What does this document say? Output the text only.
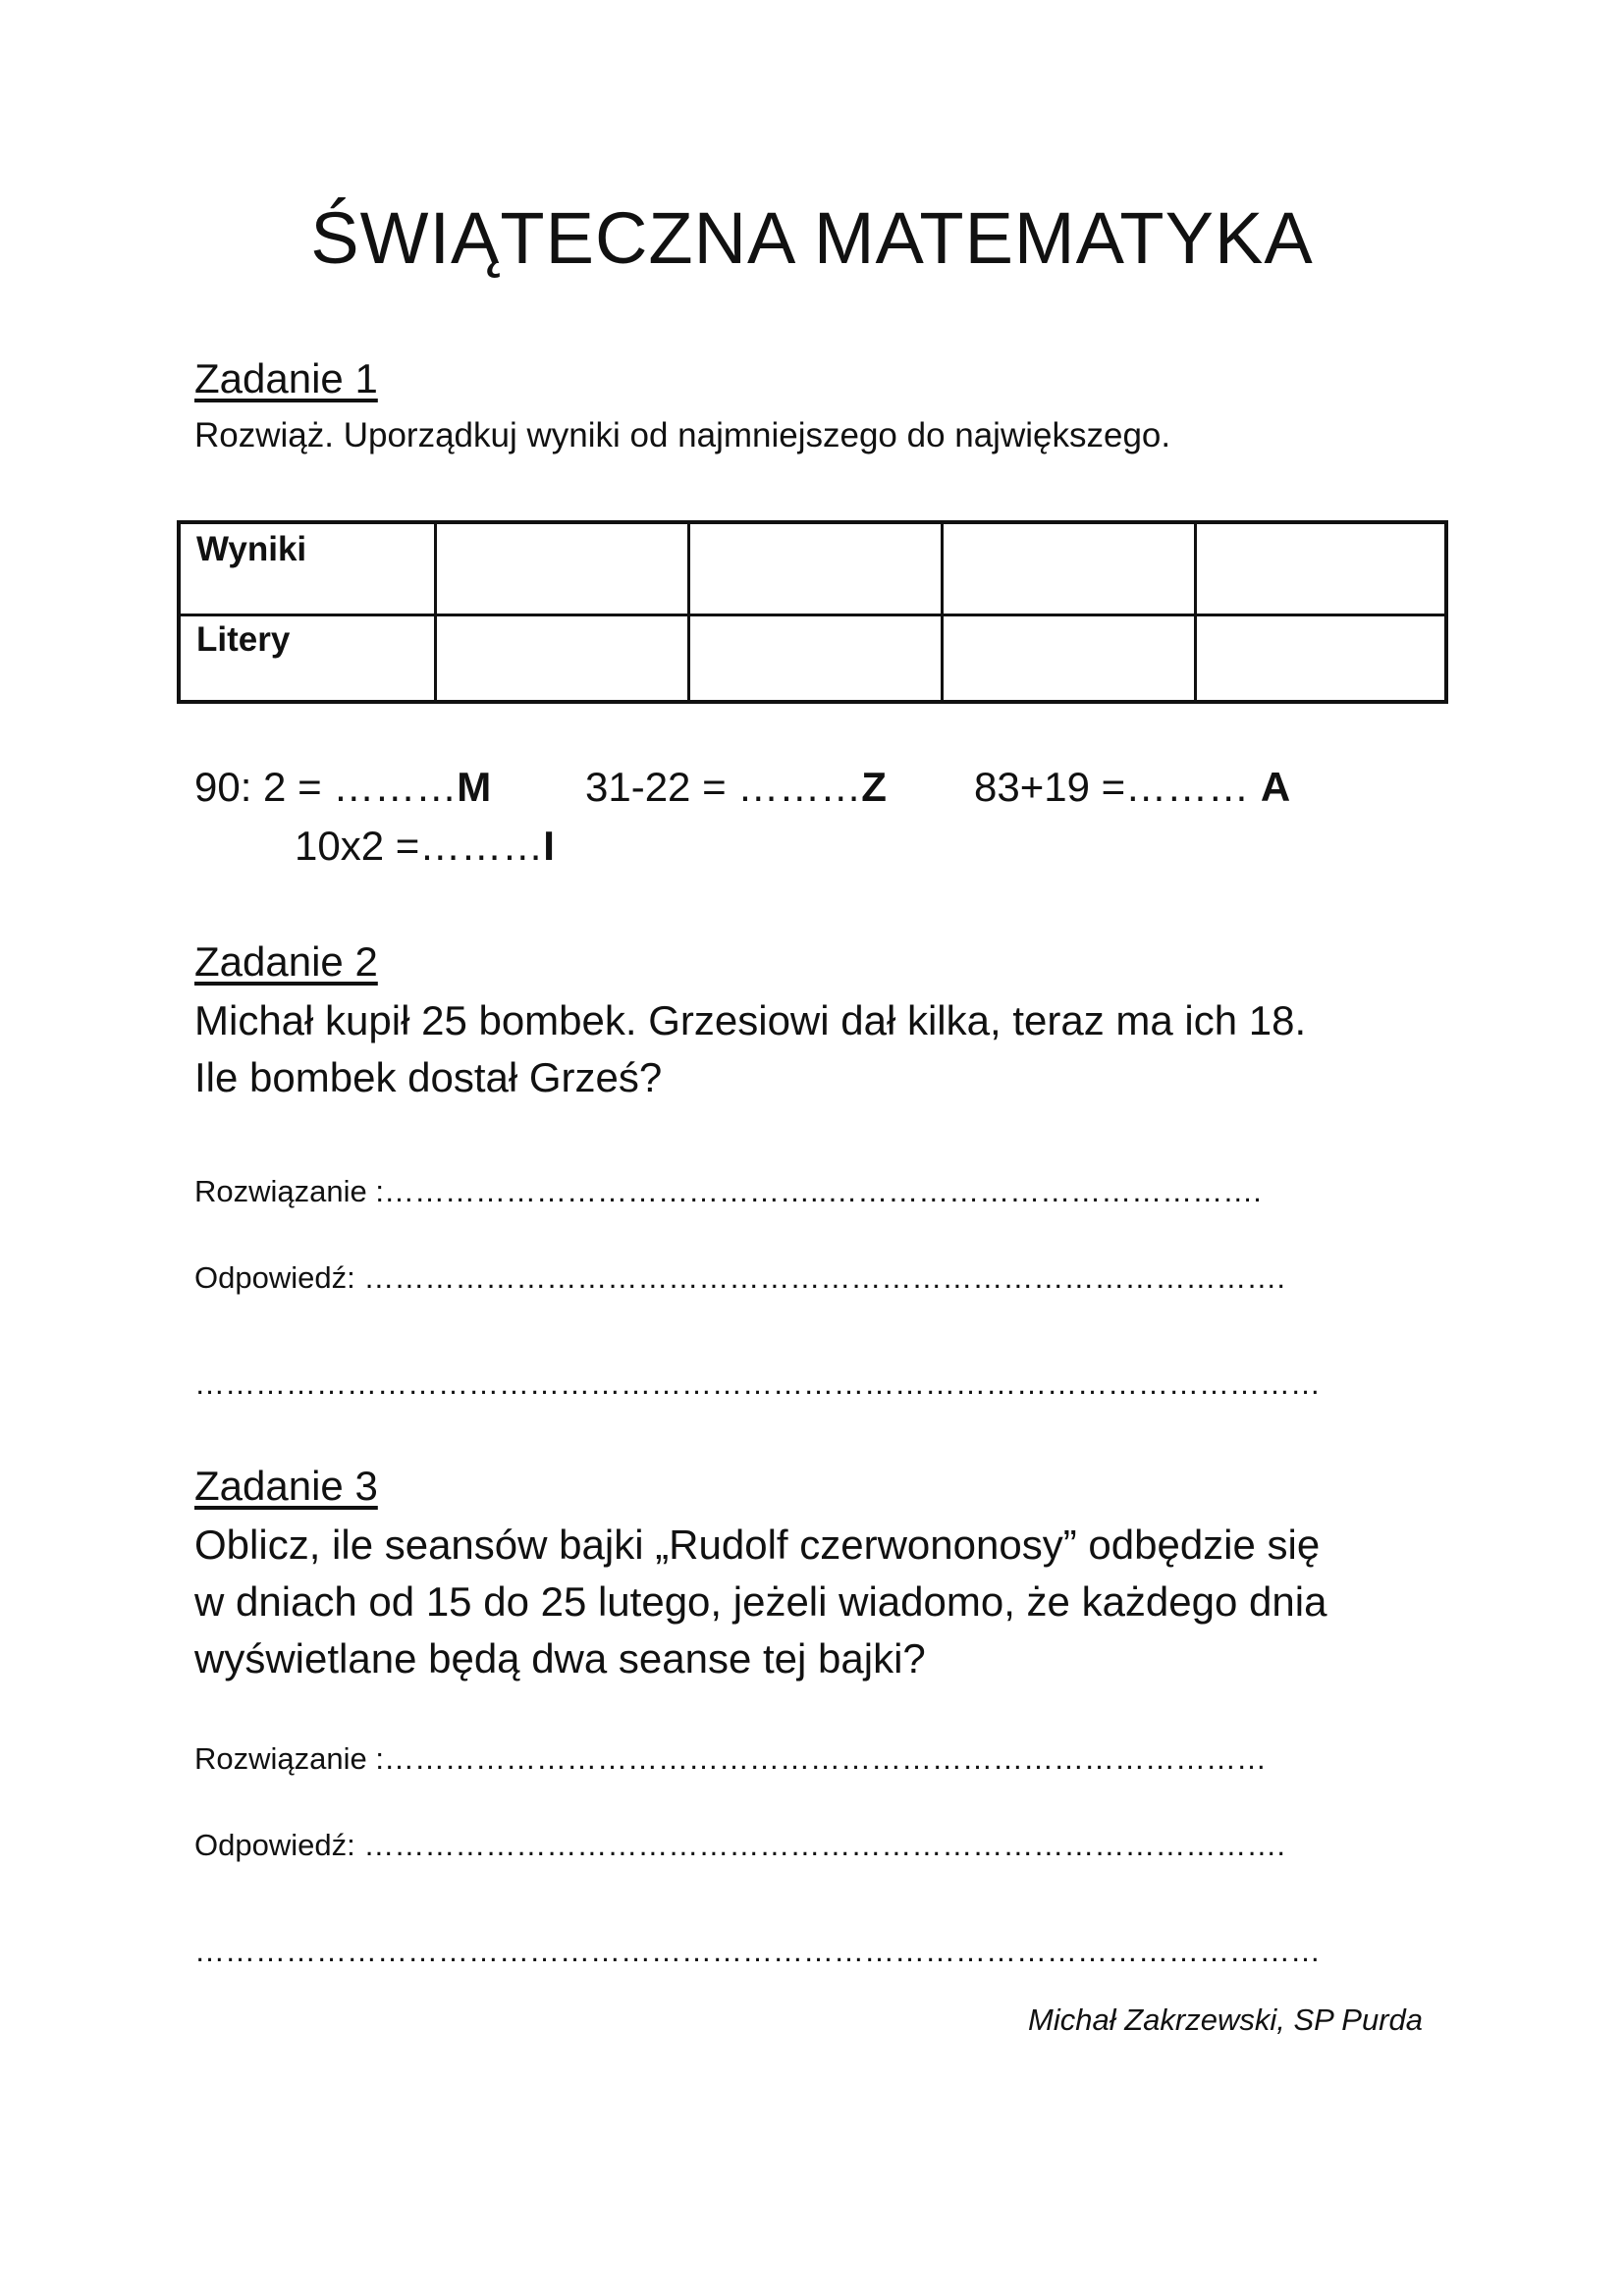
ŚWIĄTECZNA MATEMATYKA
Zadanie 1
Rozwiąż. Uporządkuj wyniki od najmniejszego do największego.
Wyniki
Litery
90: 2 = ………M 31-22 = ………Z 83+19 =……… A
10x2 =………I
Zadanie 2
Michał kupił 25 bombek. Grzesiowi dał kilka, teraz ma ich 18.
Ile bombek dostał Grześ?
Rozwiązanie :……………………………………..…………………………………….
Odpowiedź: ……………………………………………………………………………….
…………………………………………………………………………………………………
Zadanie 3
Oblicz, ile seansów bajki „Rudolf czerwononosy” odbędzie się
w dniach od 15 do 25 lutego, jeżeli wiadomo, że każdego dnia
wyświetlane będą dwa seanse tej bajki?
Rozwiązanie :……………………………………………………………………………
Odpowiedź: ……………………………………………………………………………….
…………………………………………………………………………………………………
Michał Zakrzewski, SP Purda
